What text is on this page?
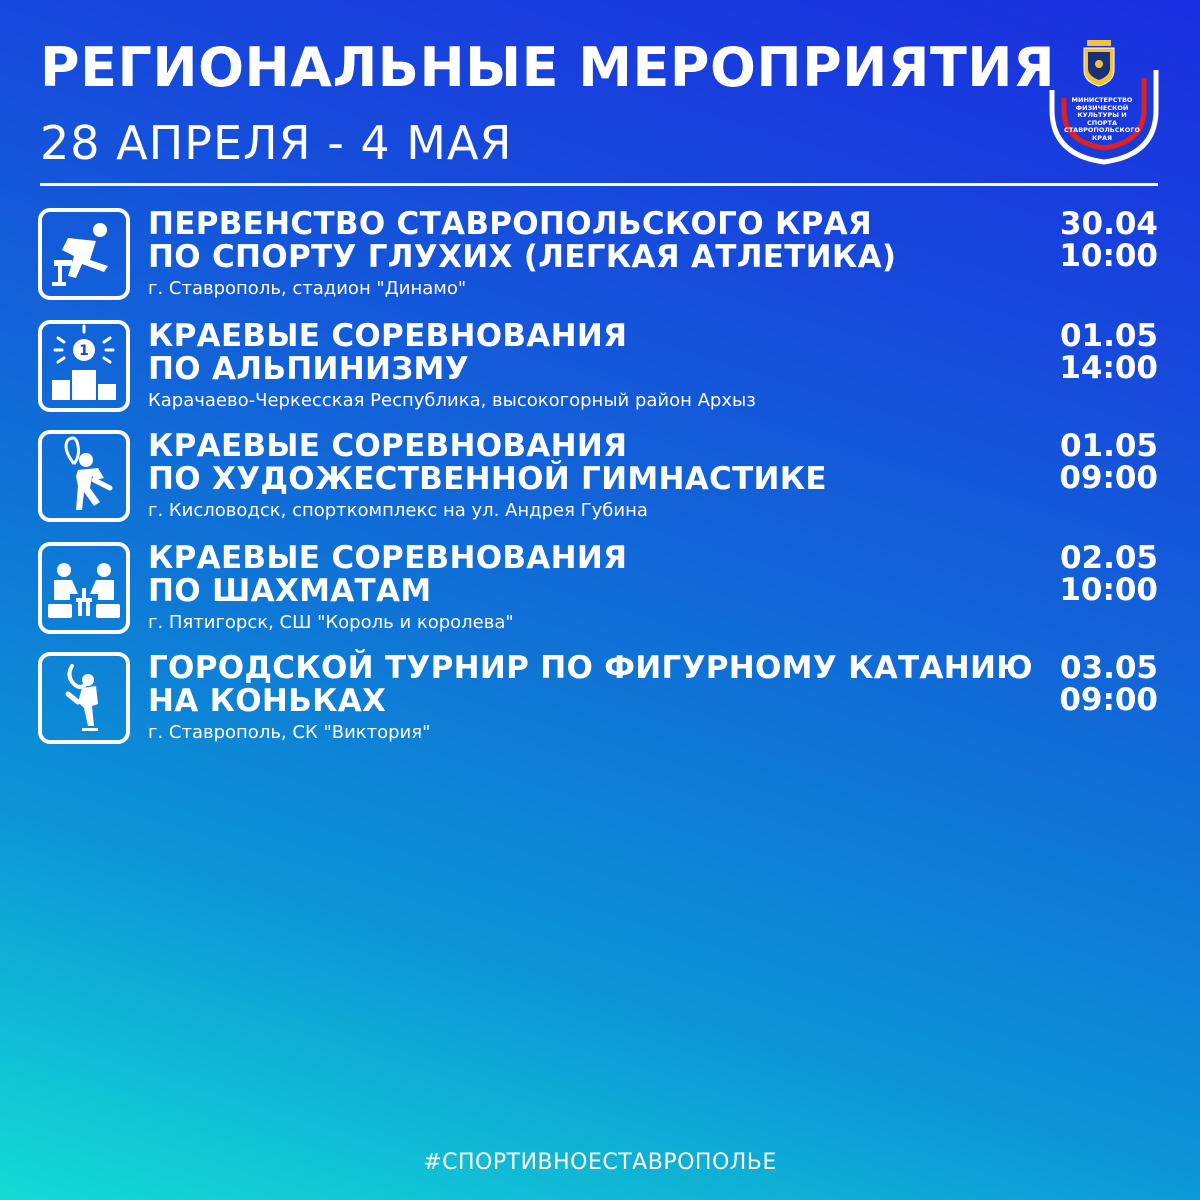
РЕГИОНАЛЬНЫЕ МЕРОПРИЯТИЯ
28 АПРЕЛЯ - 4 МАЯ
МИНИСТЕРСТВО
ФИЗИЧЕСКОЙ
КУЛЬТУРЫ И СПОРТА
СТАВРОПОЛЬСКОГО
КРАЯ
ПЕРВЕНСТВО СТАВРОПОЛЬСКОГО КРАЯ
ПО СПОРТУ ГЛУХИХ (ЛЕГКАЯ АТЛЕТИКА)
г. Ставрополь, стадион "Динамо"
30.04
10:00
1 КРАЕВЫЕ СОРЕВНОВАНИЯ
ПО АЛЬПИНИЗМУ
Карачаево-Черкесская Республика, высокогорный район Архыз
01.05
14:00
КРАЕВЫЕ СОРЕВНОВАНИЯ
ПО ХУДОЖЕСТВЕННОЙ ГИМНАСТИКЕ
г. Кисловодск, спорткомплекс на ул. Андрея Губина
01.05
09:00
КРАЕВЫЕ СОРЕВНОВАНИЯ
ПО ШАХМАТАМ
г. Пятигорск, СШ "Король и королева"
02.05
10:00
ГОРОДСКОЙ ТУРНИР ПО ФИГУРНОМУ КАТАНИЮ
НА КОНЬКАХ
г. Ставрополь, СК "Виктория"
03.05
09:00
#СПОРТИВНОЕСТАВРОПОЛЬЕ
